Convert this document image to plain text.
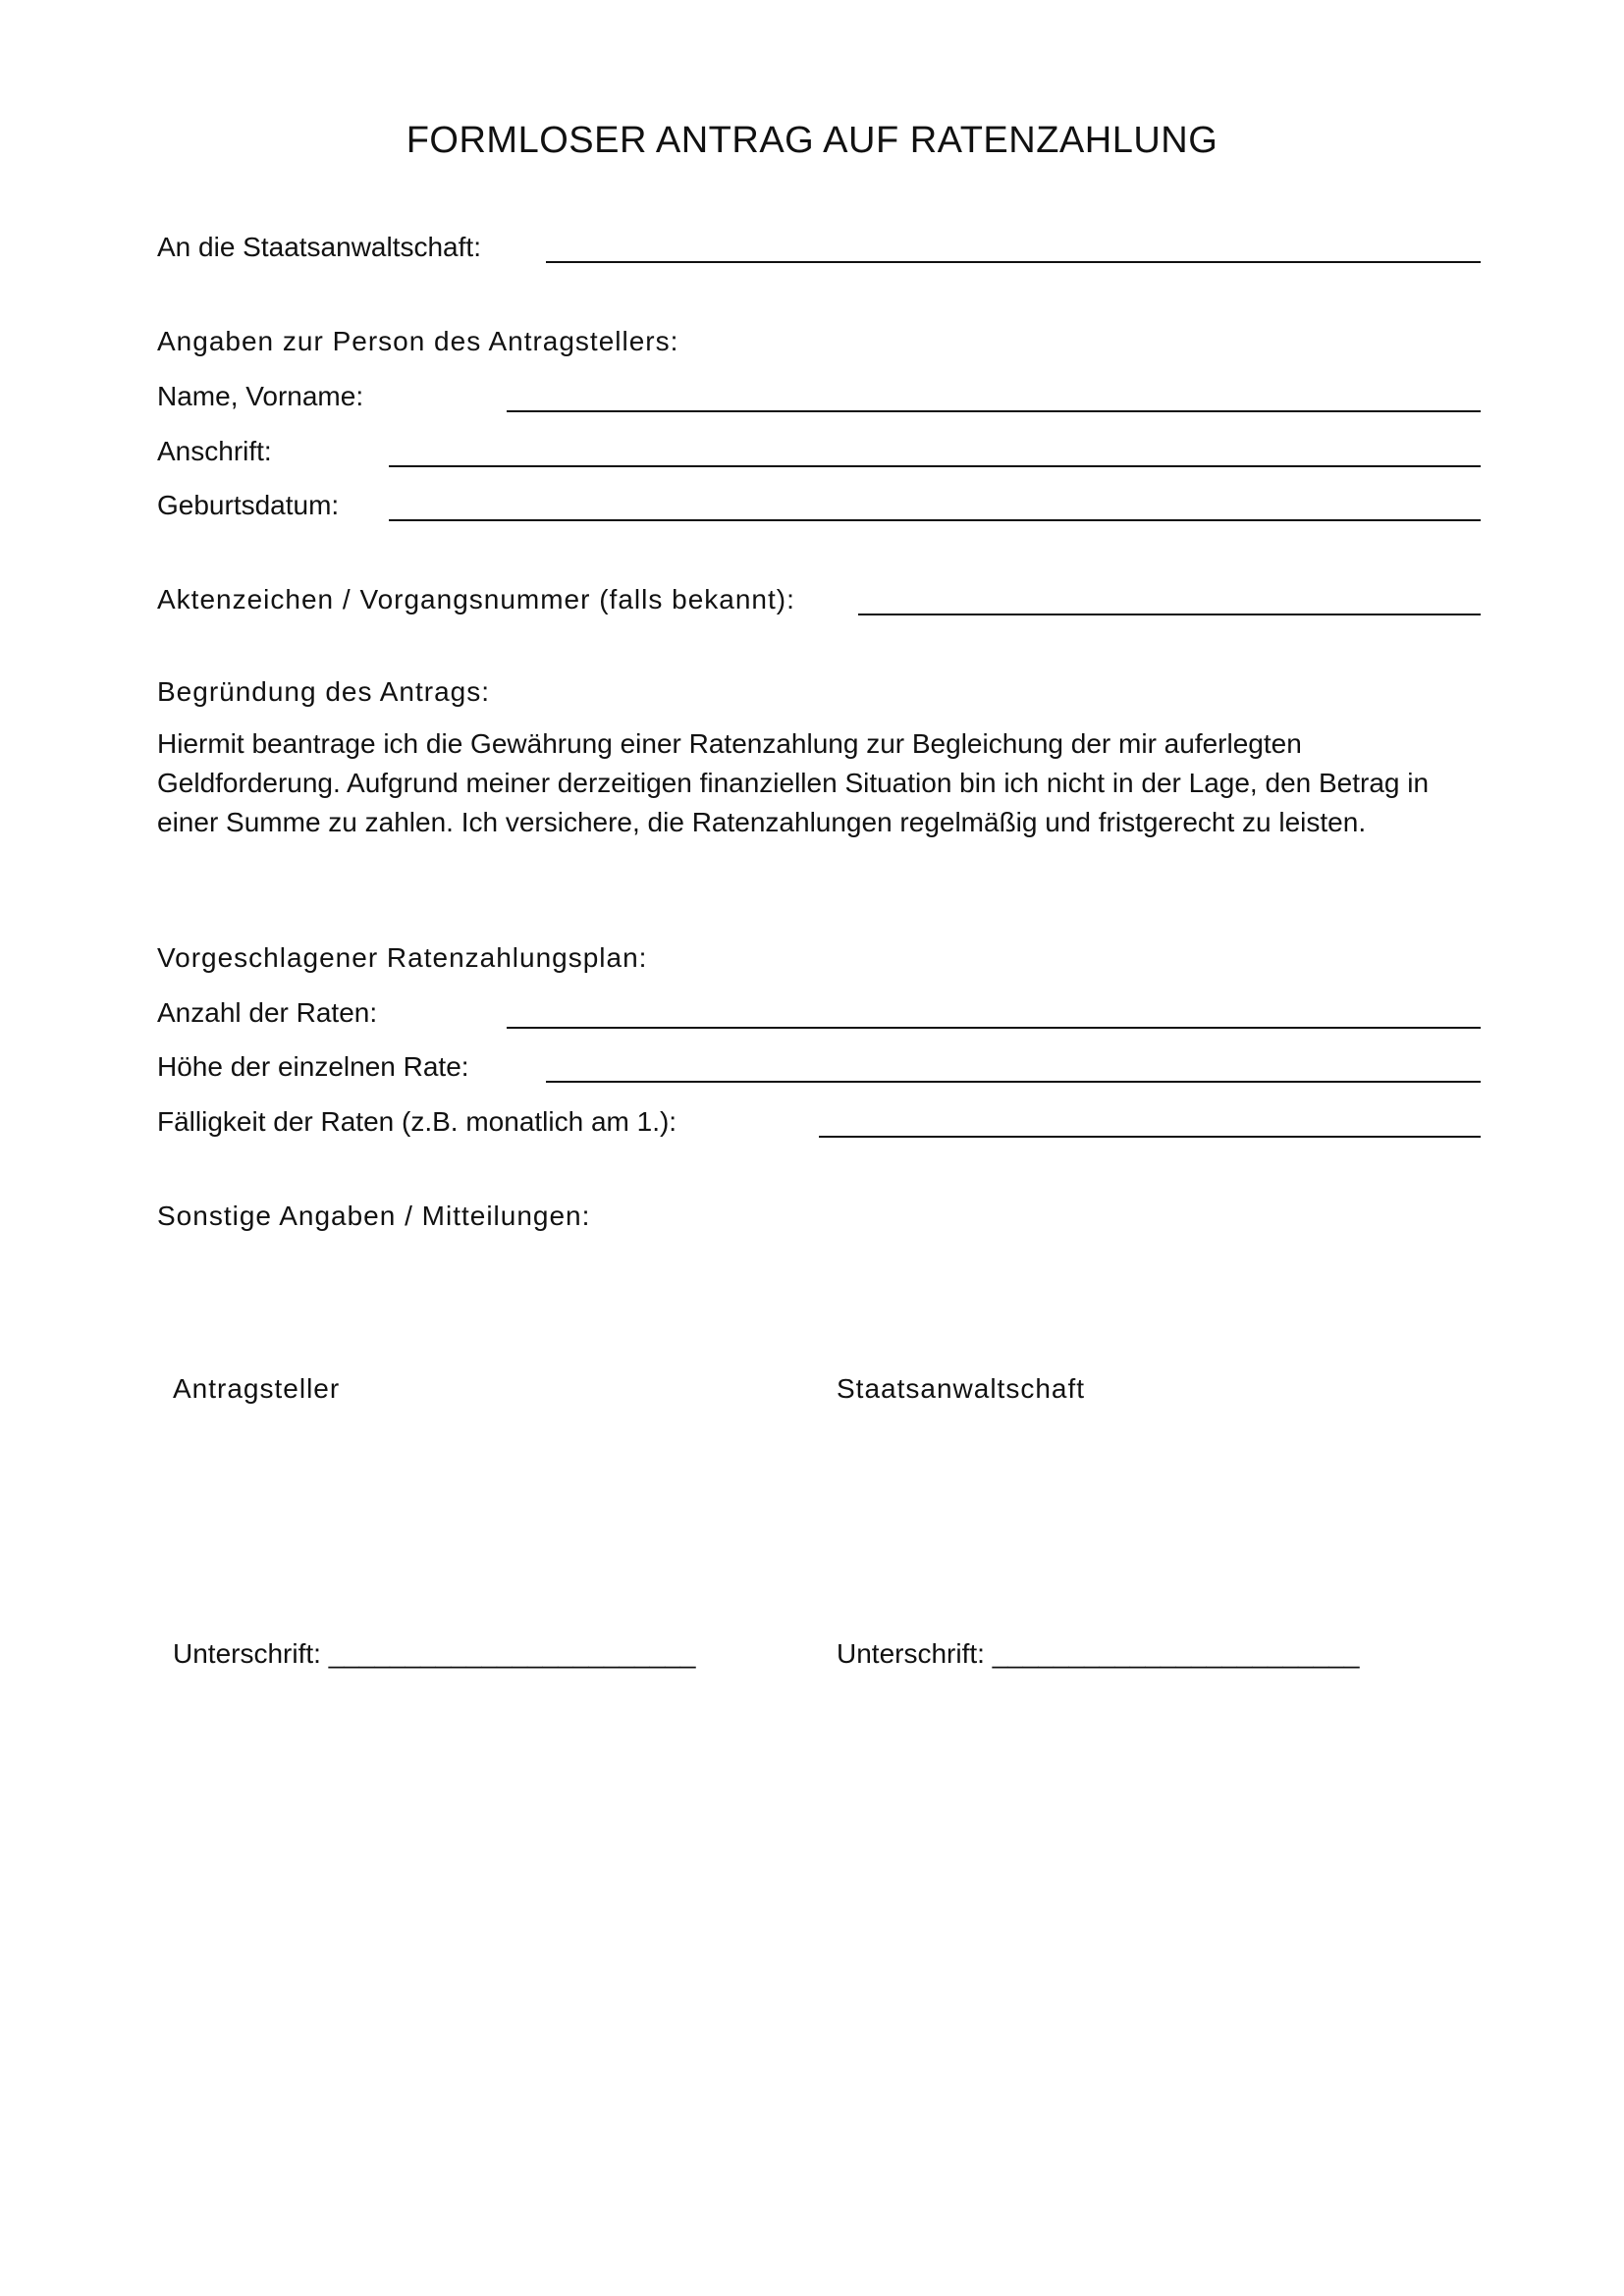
FORMLOSER ANTRAG AUF RATENZAHLUNG
An die Staatsanwaltschaft:
Angaben zur Person des Antragstellers:
Name, Vorname:
Anschrift:
Geburtsdatum:
Aktenzeichen / Vorgangsnummer (falls bekannt):
Begründung des Antrags:
Hiermit beantrage ich die Gewährung einer Ratenzahlung zur Begleichung der mir auferlegten Geldforderung. Aufgrund meiner derzeitigen finanziellen Situation bin ich nicht in der Lage, den Betrag in einer Summe zu zahlen. Ich versichere, die Ratenzahlungen regelmäßig und fristgerecht zu leisten.
Vorgeschlagener Ratenzahlungsplan:
Anzahl der Raten:
Höhe der einzelnen Rate:
Fälligkeit der Raten (z.B. monatlich am 1.):
Sonstige Angaben / Mitteilungen:
Antragsteller	Staatsanwaltschaft
Unterschrift: ________________________	Unterschrift: ________________________
